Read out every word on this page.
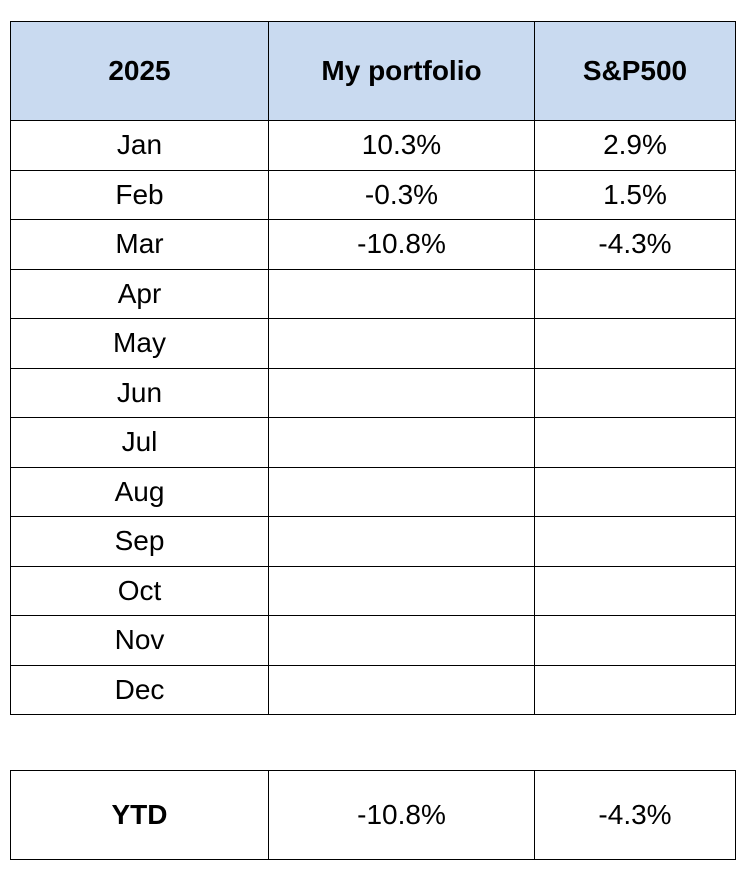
2025	My portfolio	S&P500
Jan	10.3%	2.9%
Feb	-0.3%	1.5%
Mar	-10.8%	-4.3%
Apr		
May		
Jun		
Jul		
Aug		
Sep		
Oct		
Nov		
Dec		
YTD	-10.8%	-4.3%
